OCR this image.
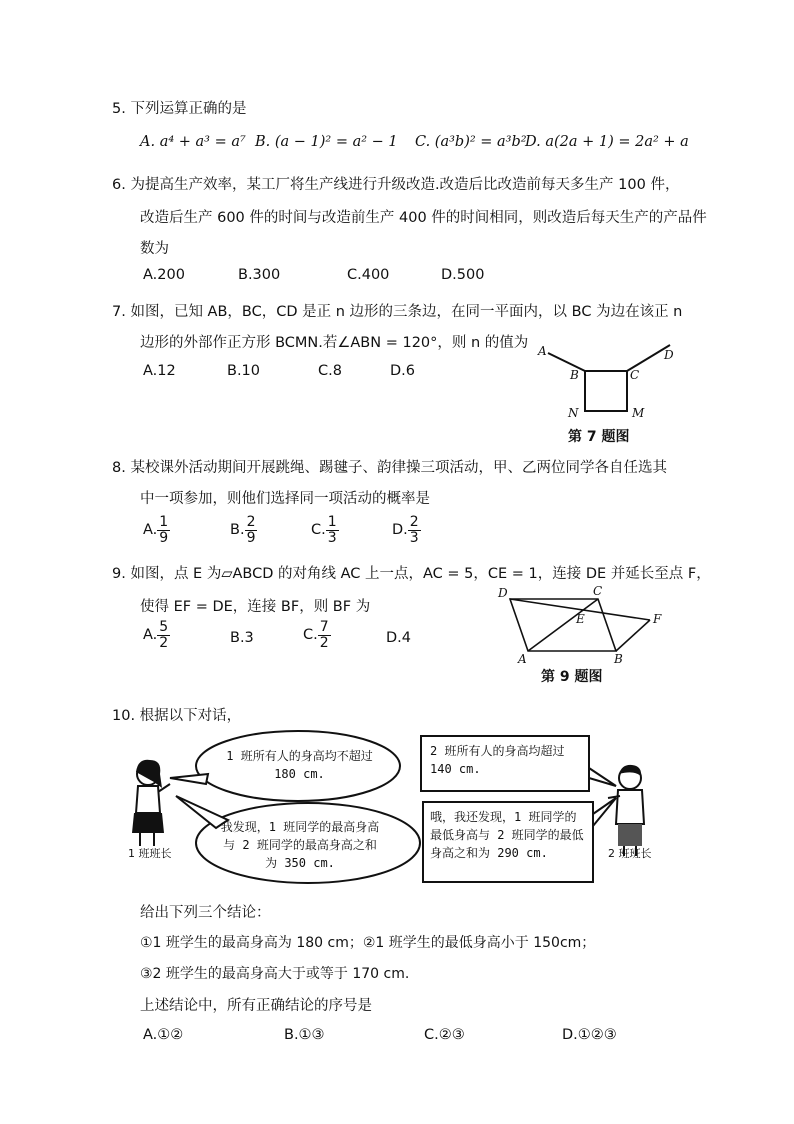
5. 下列运算正确的是
A. a⁴ + a³ = a⁷ B. (a − 1)² = a² − 1 C. (a³b)² = a³b²
D. a(2a + 1) = 2a² + a
6. 为提高生产效率，某工厂将生产线进行升级改造.改造后比改造前每天多生产 100 件，
改造后生产 600 件的时间与改造前生产 400 件的时间相同，则改造后每天生产的产品件
数为
A.200	B.300	C.400	D.500
7. 如图，已知 AB，BC，CD 是正 n 边形的三条边，在同一平面内，以 BC 为边在该正 n
边形的外部作正方形 BCMN.若∠ABN = 120°，则 n 的值为
A.12	B.10	C.8	D.6
A
B	C
D
N	M
第 7 题图
8. 某校课外活动期间开展跳绳、踢毽子、韵律操三项活动，甲、乙两位同学各自任选其
中一项参加，则他们选择同一项活动的概率是
A. $\frac{1}{9}$	B. $\frac{2}{9}$	C. $\frac{1}{3}$	D. $\frac{2}{3}$
9. 如图，点 E 为▱ABCD 的对角线 AC 上一点，AC = 5，CE = 1，连接 DE 并延长至点 F，
使得 EF = DE，连接 BF，则 BF 为
A. $\frac{5}{2}$	B.3	C. $\frac{7}{2}$	D.4
D	C
E	F
A	B
第 9 题图
10. 根据以下对话，
1 班所有人的身高均不超过 180 cm.
我发现，1 班同学的最高身高与 2 班同学的最高身高之和为 350 cm.
2 班所有人的身高均超过 140 cm.
哦，我还发现，1 班同学的最低身高与 2 班同学的最低身高之和为 290 cm.
1 班班长	2 班班长
给出下列三个结论：
①1 班学生的最高身高为 180 cm；②1 班学生的最低身高小于 150cm；
③2 班学生的最高身高大于或等于 170 cm.
上述结论中，所有正确结论的序号是
A.①②	B.①③	C.②③	D.①②③
